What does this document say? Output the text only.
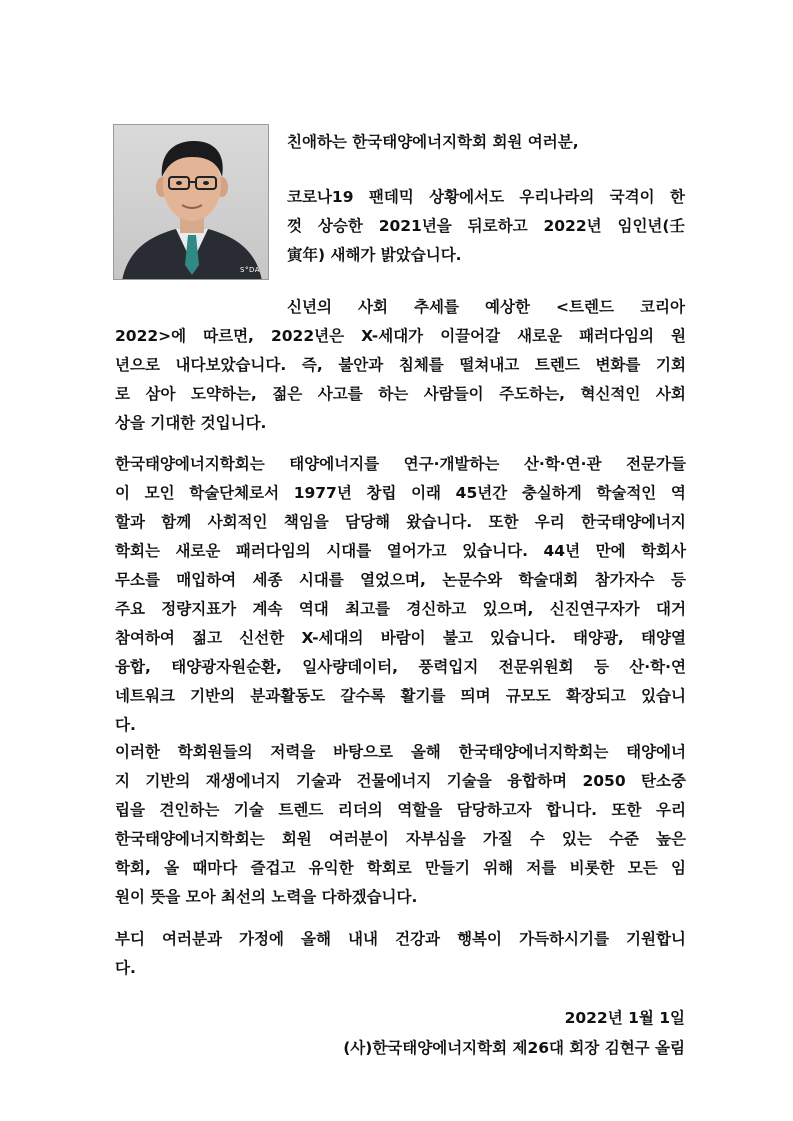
S°DA
친애하는 한국태양에너지학회 회원 여러분,
코로나19 팬데믹 상황에서도 우리나라의 국격이 한
껏 상승한 2021년을 뒤로하고 2022년 임인년(壬
寅年) 새해가 밝았습니다.
신년의 사회 추세를 예상한 <트렌드 코리아
2022>에 따르면, 2022년은 X-세대가 이끌어갈 새로운 패러다임의 원
년으로 내다보았습니다. 즉, 불안과 침체를 떨쳐내고 트렌드 변화를 기회
로 삼아 도약하는, 젊은 사고를 하는 사람들이 주도하는, 혁신적인 사회
상을 기대한 것입니다.
한국태양에너지학회는 태양에너지를 연구·개발하는 산·학·연·관 전문가들
이 모인 학술단체로서 1977년 창립 이래 45년간 충실하게 학술적인 역
할과 함께 사회적인 책임을 담당해 왔습니다. 또한 우리 한국태양에너지
학회는 새로운 패러다임의 시대를 열어가고 있습니다. 44년 만에 학회사
무소를 매입하여 세종 시대를 열었으며, 논문수와 학술대회 참가자수 등
주요 정량지표가 계속 역대 최고를 경신하고 있으며, 신진연구자가 대거
참여하여 젊고 신선한 X-세대의 바람이 불고 있습니다. 태양광, 태양열
융합, 태양광자원순환, 일사량데이터, 풍력입지 전문위원회 등 산·학·연
네트워크 기반의 분과활동도 갈수록 활기를 띄며 규모도 확장되고 있습니
다.
이러한 학회원들의 저력을 바탕으로 올해 한국태양에너지학회는 태양에너
지 기반의 재생에너지 기술과 건물에너지 기술을 융합하며 2050 탄소중
립을 견인하는 기술 트렌드 리더의 역할을 담당하고자 합니다. 또한 우리
한국태양에너지학회는 회원 여러분이 자부심을 가질 수 있는 수준 높은
학회, 올 때마다 즐겁고 유익한 학회로 만들기 위해 저를 비롯한 모든 임
원이 뜻을 모아 최선의 노력을 다하겠습니다.
부디 여러분과 가정에 올해 내내 건강과 행복이 가득하시기를 기원합니
다.
2022년 1월 1일
(사)한국태양에너지학회 제26대 회장 김현구 올림
